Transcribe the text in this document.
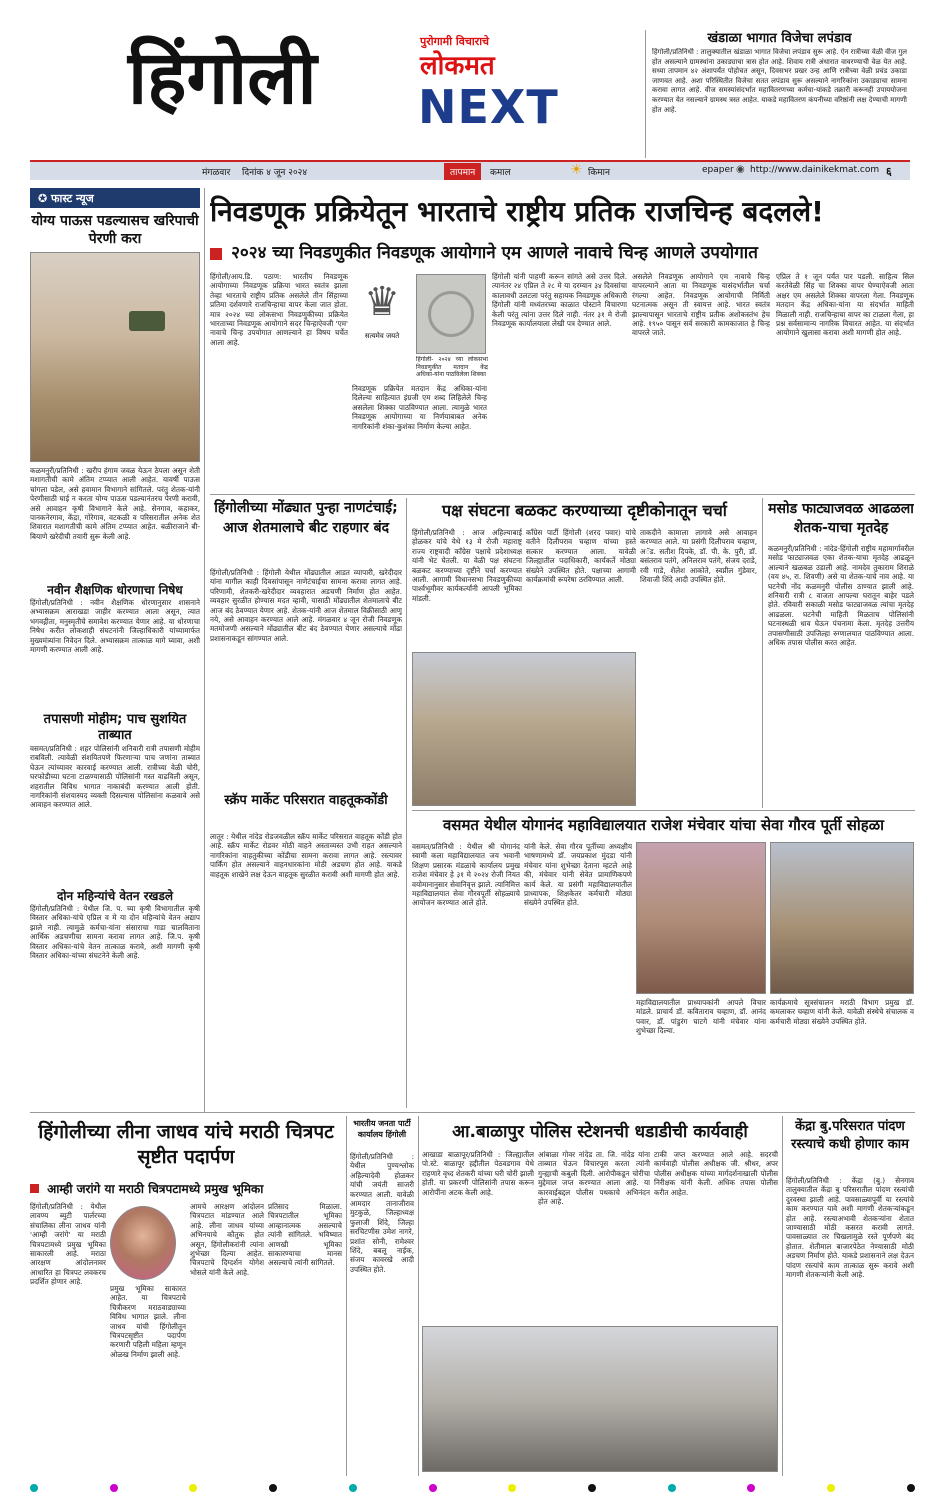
हिंगोली	पुरोगामी विचाराचे
लोकमत
NEXT
खंडाळा भागात विजेचा लपंडाव
हिंगोली/प्रतिनिधी : तालुक्यातील खंडाळा भागात विजेचा लपंडाव सुरू आहे. ऐन रात्रीच्या वेळी वीज गुल होत असल्याने ग्रामस्थांना उकाड्याचा त्रास होत आहे. शिवाय रात्री अंधारात वावरण्याची वेळ येत आहे. सध्या तापमान ४२ अंशापर्यंत पोहोचत असून, दिवसभर प्रखर उन्ह आणि रात्रीच्या वेळी प्रचंड उकाडा जाणवत आहे. अशा परिस्थितीत विजेचा सतत लपंडाव सुरू असल्याने नागरिकांना उकाड्याचा सामना करावा लागत आहे. वीज समस्यांसंदर्भात महावितरणच्या कर्मचा-यांकडे तक्रारी करूनही उपाययोजना करण्यात येत नसल्याने ग्रामस्थ त्रस्त आहेत. याकडे महावितरण कंपनीच्या वरिष्ठांनी लक्ष देण्याची मागणी होत आहे.
मंगळवार दिनांक ४ जून २०२४	तापमान	कमाल	☀ किमान	epaper ◉ http://www.dainikekmat.com ६
✪ फास्ट न्यूज
योग्य पाऊस पडल्यासच खरिपाची पेरणी करा
कळमनुरी/प्रतिनिधी : खरीप हंगाम जवळ येऊन ठेपला असून शेती मशागतीची कामे अंतिम टप्प्यात आली आहेत. यावर्षी पाऊस चांगला पडेल, असे हवामान विभागाने सांगितले. परंतु शेतक-यांनी पेरणीसाठी घाई न करता योग्य पाऊस पडल्यानंतरच पेरणी करावी, असे आवाहन कृषी विभागाने केले आहे. सेनगाव, कहाकर, पानकनेरगाव, केंद्रा, गोरेगाव, वटकळी व परिसरातील अनेक शेत शिवारात मशागतीची कामे अंतिम टप्प्यात आहेत. बळीराजाने बी-बियाणे खरेदीची तयारी सुरू केली आहे.
नवीन शैक्षणिक धोरणाचा निषेध
हिंगोली/प्रतिनिधी : नवीन शैक्षणिक धोरणानुसार शासनाने अभ्यासक्रम आराखडा जाहीर करण्यात आला असून, त्यात भगवद्गीता, मनुस्मृतीचे समावेश करण्यात येणार आहे. या धोरणाचा निषेध करीत लोकशाही संघटनांनी जिल्हाधिकारी यांच्यामार्फत मुख्यमंत्र्यांना निवेदन दिले. अभ्यासक्रम तात्काळ मागे घ्यावा, अशी मागणी करण्यात आली आहे.
तपासणी मोहीम; पाच सुशयित ताब्यात
वसमत/प्रतिनिधी : शहर पोलिसांनी शनिवारी रात्री तपासणी मोहीम राबविली. त्यावेळी संशयितपणे फिरणाऱ्या पाच जणांना ताब्यात घेऊन त्यांच्यावर कारवाई करण्यात आली. रात्रीच्या वेळी चोरी, घरफोडीच्या घटना टाळण्यासाठी पोलिसांनी गस्त वाढविली असून, शहरातील विविध भागात नाकाबंदी करण्यात आली होती. नागरिकांनी संशयास्पद व्यक्ती दिसल्यास पोलिसांना कळवावे असे आवाहन करण्यात आले.
दोन महिन्यांचे वेतन रखडले
हिंगोली/प्रतिनिधी : येथील जि. प. च्या कृषी विभागातील कृषी विस्तार अधिका-यांचे एप्रिल व मे या दोन महिन्यांचे वेतन अद्याप झाले नाही. त्यामुळे कर्मचा-यांना संसाराचा गाडा चालविताना आर्थिक अडचणीचा सामना करावा लागत आहे. जि.प. कृषी विस्तार अधिका-यांचे वेतन तात्काळ करावे, अशी मागणी कृषी विस्तार अधिका-यांच्या संघटनेने केली आहे.
निवडणूक प्रक्रियेतून भारताचे राष्ट्रीय प्रतिक राजचिन्ह बदलले!
२०२४ च्या निवडणुकीत निवडणूक आयोगाने एम आणले नावाचे चिन्ह आणले उपयोगात
हिंगोली/आय.डि. पठाण: भारतीय निवडणूक आयोगाच्या निवडणूक प्रक्रिया भारत स्वतंत्र झाला तेव्हा भारताचे राष्ट्रीय प्रतिक असलेले तीन सिंहाच्या प्रतिमा दर्शवणारे राजचिन्हाचा वापर केला जात होता. मात्र २०२४ च्या लोकसभा निवडणुकीच्या प्रक्रियेत भारताच्या निवडणूक आयोगाने सदर चिन्हाऐवजी 'एम' नावाचे चिन्ह उपयोगात आणल्याने हा विषय चर्चेत आला आहे.
♛
सत्यमेव जयते
हिंगोली- २०२४ च्या लोकसभा निवडणुकीत मतदान केंद्र अधिका-यांना पाठविलेला शिक्का
निवडणूक प्रक्रियेत मतदान केंद्र अधिका-यांना दिलेल्या साहित्यात इंग्रजी एम शब्द लिहिलेले चिन्ह असलेला शिक्का पाठविण्यात आला. त्यामुळे भारत निवडणूक आयोगाच्या या निर्णयाबाबत अनेक नागरिकांनी शंका-कुशंका निर्माण केल्या आहेत.
हिंगोली यांनी पाहणी करून सांगते असे उत्तर दिले. त्यानंतर २४ एप्रिल ते २८ मे या दरम्यान ३४ दिवसांचा कालावधी उलटला परंतु सहायक निवडणूक अधिकारी हिंगोली यांनी मध्यंतरच्या काळात पोस्टाने विचारणा केली परंतु त्यांना उत्तर दिले नाही. नंतर ३१ मे रोजी निवडणूक कार्यालयाला लेखी पत्र देण्यात आले.
असलेले निवडणूक आयोगाने एम नावाचे चिन्ह वापरल्याने आता या निवडणूक यासंदर्भातील चर्चा रंगल्या आहेत. निवडणूक आयोगाची निर्मिती घटनात्मक असून ती स्वायत्त आहे. भारत स्वतंत्र झाल्यापासून भारताचे राष्ट्रीय प्रतीक अशोकस्तंभ हेच आहे. १९५० पासून सर्व सरकारी कामकाजात हे चिन्ह वापरले जाते.
एप्रिल ते १ जून पर्यंत पार पडली. साहित्य सिल करतेवेळी सिंह चा शिक्का वापर घेण्याऐवजी आता अक्षर एम असलेले शिक्का वापरला गेला. निवडणूक मतदान केंद्र अधिका-यांना या संदर्भात माहिती मिळाली नाही. राजचिन्हाचा वापर का टाळला गेला, हा प्रश्न सर्वसामान्य नागरिक विचारत आहेत. या संदर्भात आयोगाने खुलासा करावा अशी मागणी होत आहे.
हिंगोलीच्या मोंढ्यात पुन्हा नाणटंचाई; आज शेतमालाचे बीट राहणार बंद
हिंगोली/प्रतिनिधी : हिंगोली येथील मोंढ्यातील आडत व्यापारी, खरेदीदार यांना मागील काही दिवसांपासून नाणेटंचाईचा सामना करावा लागत आहे. परिणामी, शेतकरी-खरेदीदार व्यवहारात अडचणी निर्माण होत आहेत. व्यवहार सुरळीत होण्यास मदत व्हावी, यासाठी मोंढ्यातील शेतमालाचे बीट आज बंद ठेवण्यात येणार आहे. शेतक-यांनी आज शेतमाल विक्रीसाठी आणू नये, असे आवाहन करण्यात आले आहे. मंगळवार ४ जून रोजी निवडणूक मतमोजणी असल्याने मोंढ्यातील बीट बंद ठेवण्यात येणार असल्याचे मोंढा प्रशासनाकडून सांगण्यात आले.
स्क्रॅप मार्केट परिसरात वाहतूककोंडी
लातूर : येथील नांदेड रोडजवळील स्क्रॅप मार्केट परिसरात वाहतूक कोंडी होत आहे. स्क्रॅप मार्केट रोडवर मोठी वाहने अस्ताव्यस्त उभी राहत असल्याने नागरिकांना वाहतुकीच्या कोंडीचा सामना करावा लागत आहे. रस्त्यावर पार्किंग होत असल्याने वाहनधारकांना मोठी अडचण होत आहे. याकडे वाहतूक शाखेने लक्ष देऊन वाहतूक सुरळीत करावी अशी मागणी होत आहे.
पक्ष संघटना बळकट करण्याच्या दृष्टीकोनातून चर्चा
हिंगोली/प्रतिनिधी : आज अहिल्याबाई होळकर यांचे येथे १३ मे रोजी महाराष्ट्र राज्य राष्ट्रवादी काँग्रेस पक्षाचे प्रदेशाध्यक्ष यांनी भेट घेतली. या वेळी पक्ष संघटना बळकट करण्याच्या दृष्टीने चर्चा करण्यात आली. आगामी विधानसभा निवडणुकीच्या पार्श्वभूमीवर कार्यकर्त्यांनी आपली भूमिका मांडली.
काँग्रेस पार्टी हिंगोली (शरद पवार) यांचे वतीने दिलीपराव चव्हाण यांच्या हस्ते सत्कार करण्यात आला. यावेळी जिल्ह्यातील पदाधिकारी, कार्यकर्ते मोठ्या संख्येने उपस्थित होते. पक्षाच्या आगामी कार्यक्रमांची रूपरेषा ठरविण्यात आली.
ताकदीने कामाला लागावे असे आवाहन करण्यात आले. या प्रसंगी दिलीपराव चव्हाण, अॅड. सतीश दिपके, डॉ. पी. के. पुरी, डॉ. बसंतराव पतंगे, अनिलराव पतंगे, संजय दराडे, रवी गाडे, शैलेश आकोते, स्वप्नील गुंडेवार, शिवाजी शिंदे आदी उपस्थित होते.
मसोड फाट्याजवळ आढळला शेतक-याचा मृतदेह
कळमनुरी/प्रतिनिधी : नांदेड-हिंगोली राष्ट्रीय महामार्गावरील मसोड फाट्याजवळ एका शेतक-याचा मृतदेह आढळून आल्याने खळबळ उडाली आहे. नामदेव तुकाराम शिराळे (वय ४५, रा. शिवणी) असे या शेतक-याचे नाव आहे. या घटनेची नोंद कळमनुरी पोलीस ठाण्यात झाली आहे. शनिवारी रात्री ८ वाजता आपल्या घरातून बाहेर पडले होते. रविवारी सकाळी मसोड फाट्याजवळ त्यांचा मृतदेह आढळला. घटनेची माहिती मिळताच पोलिसांनी घटनास्थळी धाव घेऊन पंचनामा केला. मृतदेह उत्तरीय तपासणीसाठी उपजिल्हा रुग्णालयात पाठविण्यात आला. अधिक तपास पोलीस करत आहेत.
वसमत येथील योगानंद महाविद्यालयात राजेश मंचेवार यांचा सेवा गौरव पूर्ती सोहळा
वसमत/प्रतिनिधी : येथील श्री योगानंद स्वामी कला महाविद्यालयात जय भवानी शिक्षण प्रसारक मंडळाचे कार्यालय प्रमुख राजेश मंचेवार हे ३१ मे २०२४ रोजी नियत वयोमानानुसार सेवानिवृत्त झाले. त्यानिमित्त महाविद्यालयात सेवा गौरवपूर्ती सोहळ्याचे आयोजन करण्यात आले होते.
यांनी केले. सेवा गौरव पूर्तीच्या अध्यक्षीय भाषणामध्ये डॉ. जयप्रकाश मुंदडा यांनी मंचेवार यांना शुभेच्छा देताना म्हटले आहे की, मंचेवार यांनी सेवेत प्रामाणिकपणे कार्य केले. या प्रसंगी महाविद्यालयातील प्राध्यापक, शिक्षकेतर कर्मचारी मोठ्या संख्येने उपस्थित होते.
महाविद्यालयातील प्राध्यापकांनी आपले विचार मांडले. प्राचार्य डॉ. कविताराव चव्हाण, डॉ. आनंद पवार, डॉ. पांडुरंग घाटगे यांनी मंचेवार यांना शुभेच्छा दिल्या.
कार्यक्रमाचे सूत्रसंचालन मराठी विभाग प्रमुख डॉ. कमलाकर चव्हाण यांनी केले. यावेळी संस्थेचे संचालक व कर्मचारी मोठ्या संख्येने उपस्थित होते.
हिंगोलीच्या लीना जाधव यांचे मराठी चित्रपट सृष्टीत पदार्पण
आम्ही जरांगे या मराठी चित्रपटामध्ये प्रमुख भूमिका
हिंगोली/प्रतिनिधी : येथील लावण्य ब्युटी पार्लरच्या संचालिका लीना जाधव यांनी 'आम्ही जरांगे' या मराठी चित्रपटामध्ये प्रमुख भूमिका साकारली आहे. मराठा आरक्षण आंदोलनावर आधारित हा चित्रपट लवकरच प्रदर्शित होणार आहे.
प्रमुख भूमिका साकारत आहेत. या चित्रपटाचे चित्रीकरण मराठवाड्याच्या विविध भागात झाले. लीना जाधव यांची हिंगोलीतून चित्रपटसृष्टीत पदार्पण करणारी पहिली महिला म्हणून ओळख निर्माण झाली आहे.
आमचे आरक्षण आंदोलन चित्रपटात मांडण्यात आले आहे. लीना जाधव यांच्या अभिनयाचे कौतुक होत असून, हिंगोलीकरांनी त्यांना शुभेच्छा दिल्या आहेत. चित्रपटाचे दिग्दर्शन योगेश भोसले यांनी केले आहे.
प्रतिसाद मिळाला. चित्रपटातील भूमिका आव्हानात्मक असल्याचे त्यांनी सांगितले. भविष्यात आणखी भूमिका साकारण्याचा मानस असल्याचे त्यांनी सांगितले.
भारतीय जनता पार्टी कार्यालय हिंगोली
हिंगोली/प्रतिनिधी : येथील पुण्यश्लोक अहिल्यादेवी होळकर यांची जयंती साजरी करण्यात आली. यावेळी आमदार तानाजीराव मुटकुळे, जिल्हाध्यक्ष फुलाजी शिंदे, जिल्हा सरचिटणीस उमेश नागरे, प्रशांत सोनी, रामेश्वर शिंदे, बबलू नाईक, संजय कावरखे आदी उपस्थित होते.
आ.बाळापुर पोलिस स्टेशनची धडाडीची कार्यवाही
आखाडा बाळापूर/प्रतिनिधी : जिल्ह्यातील पो.स्टे. बाळापूर हद्दीतील पेठवडगाव येथे राहणारे वृध्द शेतकरी यांच्या घरी चोरी झाली होती. या प्रकरणी पोलिसांनी तपास करून आरोपींना अटक केली आहे.
आंबाळा गोवर नांदेड ता. जि. नांदेड यांना ताब्यात घेऊन विचारपूस करता त्यांनी गुन्ह्याची कबुली दिली. आरोपीकडून चोरीचा मुद्देमाल जप्त करण्यात आला आहे. या कारवाईबद्दल पोलीस पथकाचे अभिनंदन होत आहे.
टाकी जप्त करण्यात आले आहे. सदरची कार्यवाही पोलीस अधीक्षक जी. श्रीधर, अपर पोलीस अधीक्षक यांच्या मार्गदर्शनाखाली पोलीस निरीक्षक यांनी केली. अधिक तपास पोलीस करीत आहेत.
केंद्रा बु.परिसरात पांदण रस्त्याचे कधी होणार काम
हिंगोली/प्रतिनिधी : केंद्रा (बु.) सेनगाव तालुक्यातील केंद्रा बु परिसरातील पांदण रस्त्यांची दुरवस्था झाली आहे. पावसाळ्यापूर्वी या रस्त्यांचे काम करण्यात यावे अशी मागणी शेतकऱ्यांकडून होत आहे. रस्त्याअभावी शेतकऱ्यांना शेतात जाण्यासाठी मोठी कसरत करावी लागते. पावसाळ्यात तर चिखलामुळे रस्ते पूर्णपणे बंद होतात. शेतीमाल बाजारपेठेत नेण्यासाठी मोठी अडचण निर्माण होते. याकडे प्रशासनाने लक्ष देऊन पांदण रस्त्यांचे काम तात्काळ सुरू करावे अशी मागणी शेतकऱ्यांनी केली आहे.
